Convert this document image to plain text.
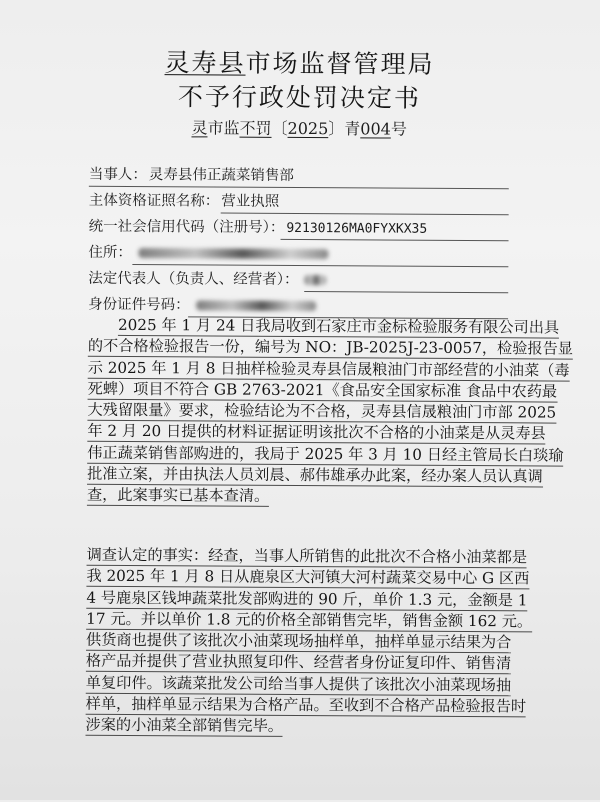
灵寿县市场监督管理局
不予行政处罚决定书
灵市监不罚〔2025〕青004号
当事人： 灵寿县伟正蔬菜销售部
主体资格证照名称： 营业执照
统一社会信用代码（注册号）： 92130126MA0FYXKX35
住所：
法定代表人（负责人、经营者）：
身份证件号码：
2025 年 1 月 24 日我局收到石家庄市金标检验服务有限公司出具
的不合格检验报告一份，编号为 NO：JB-2025J-23-0057，检验报告显
示 2025 年 1 月 8 日抽样检验灵寿县信晟粮油门市部经营的小油菜（毒
死蜱）项目不符合 GB 2763-2021《食品安全国家标准 食品中农药最
大残留限量》要求，检验结论为不合格，灵寿县信晟粮油门市部 2025
年 2 月 20 日提供的材料证据证明该批次不合格的小油菜是从灵寿县
伟正蔬菜销售部购进的，我局于 2025 年 3 月 10 日经主管局长白琰瑜
批准立案，并由执法人员刘晨、郝伟雄承办此案，经办案人员认真调
查，此案事实已基本查清。
调查认定的事实：经查，当事人所销售的此批次不合格小油菜都是
我 2025 年 1 月 8 日从鹿泉区大河镇大河村蔬菜交易中心 G 区西
4 号鹿泉区钱坤蔬菜批发部购进的 90 斤，单价 1.3 元，金额是 1
17 元。并以单价 1.8 元的价格全部销售完毕，销售金额 162 元。
供货商也提供了该批次小油菜现场抽样单，抽样单显示结果为合
格产品并提供了营业执照复印件、经营者身份证复印件、销售清
单复印件。该蔬菜批发公司给当事人提供了该批次小油菜现场抽
样单，抽样单显示结果为合格产品。至收到不合格产品检验报告时
涉案的小油菜全部销售完毕。
